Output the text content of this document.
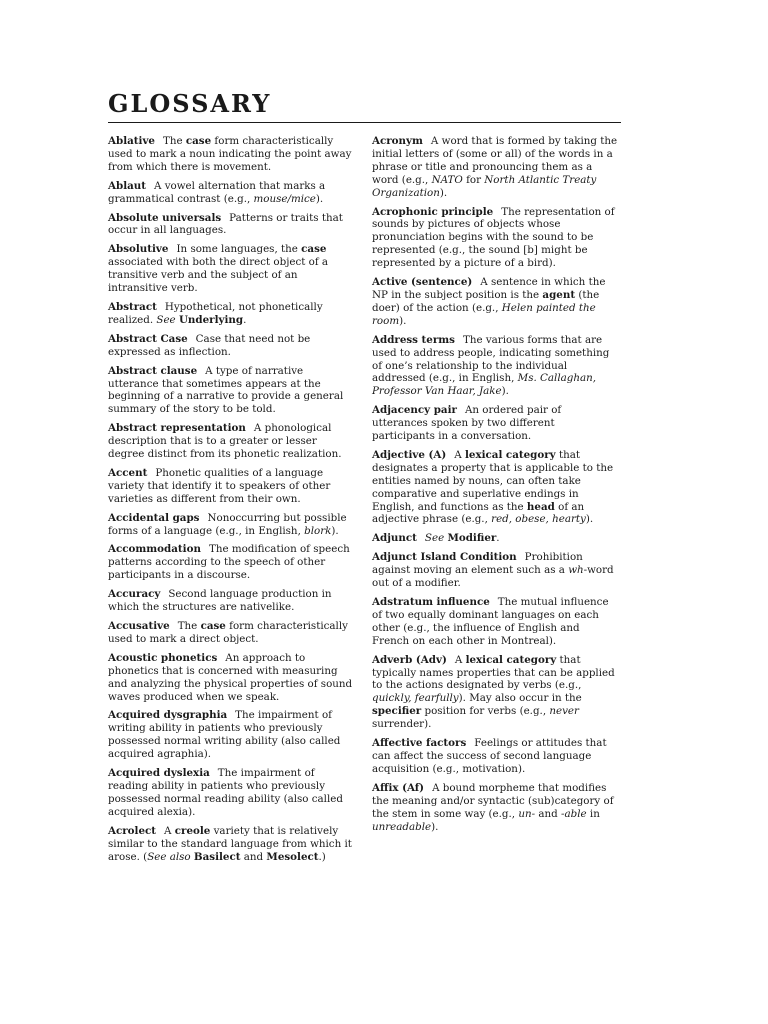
GLOSSARY

Ablative The case form characteristically used to mark a noun indicating the point away from which there is movement.

Ablaut A vowel alternation that marks a grammatical contrast (e.g., mouse/mice).

Absolute universals Patterns or traits that occur in all languages.

Absolutive In some languages, the case associated with both the direct object of a transitive verb and the subject of an intransitive verb.

Abstract Hypothetical, not phonetically realized. See Underlying.

Abstract Case Case that need not be expressed as inflection.

Abstract clause A type of narrative utterance that sometimes appears at the beginning of a narrative to provide a general summary of the story to be told.

Abstract representation A phonological description that is to a greater or lesser degree distinct from its phonetic realization.

Accent Phonetic qualities of a language variety that identify it to speakers of other varieties as different from their own.

Accidental gaps Nonoccurring but possible forms of a language (e.g., in English, blork).

Accommodation The modification of speech patterns according to the speech of other participants in a discourse.

Accuracy Second language production in which the structures are nativelike.

Accusative The case form characteristically used to mark a direct object.

Acoustic phonetics An approach to phonetics that is concerned with measuring and analyzing the physical properties of sound waves produced when we speak.

Acquired dysgraphia The impairment of writing ability in patients who previously possessed normal writing ability (also called acquired agraphia).

Acquired dyslexia The impairment of reading ability in patients who previously possessed normal reading ability (also called acquired alexia).

Acrolect A creole variety that is relatively similar to the standard language from which it arose. (See also Basilect and Mesolect.)

Acronym A word that is formed by taking the initial letters of (some or all) of the words in a phrase or title and pronouncing them as a word (e.g., NATO for North Atlantic Treaty Organization).

Acrophonic principle The representation of sounds by pictures of objects whose pronunciation begins with the sound to be represented (e.g., the sound [b] might be represented by a picture of a bird).

Active (sentence) A sentence in which the NP in the subject position is the agent (the doer) of the action (e.g., Helen painted the room).

Address terms The various forms that are used to address people, indicating something of one’s relationship to the individual addressed (e.g., in English, Ms. Callaghan, Professor Van Haar, Jake).

Adjacency pair An ordered pair of utterances spoken by two different participants in a conversation.

Adjective (A) A lexical category that designates a property that is applicable to the entities named by nouns, can often take comparative and superlative endings in English, and functions as the head of an adjective phrase (e.g., red, obese, hearty).

Adjunct See Modifier.

Adjunct Island Condition Prohibition against moving an element such as a wh-word out of a modifier.

Adstratum influence The mutual influence of two equally dominant languages on each other (e.g., the influence of English and French on each other in Montreal).

Adverb (Adv) A lexical category that typically names properties that can be applied to the actions designated by verbs (e.g., quickly, fearfully). May also occur in the specifier position for verbs (e.g., never surrender).

Affective factors Feelings or attitudes that can affect the success of second language acquisition (e.g., motivation).

Affix (Af) A bound morpheme that modifies the meaning and/or syntactic (sub)category of the stem in some way (e.g., un- and -able in unreadable).
